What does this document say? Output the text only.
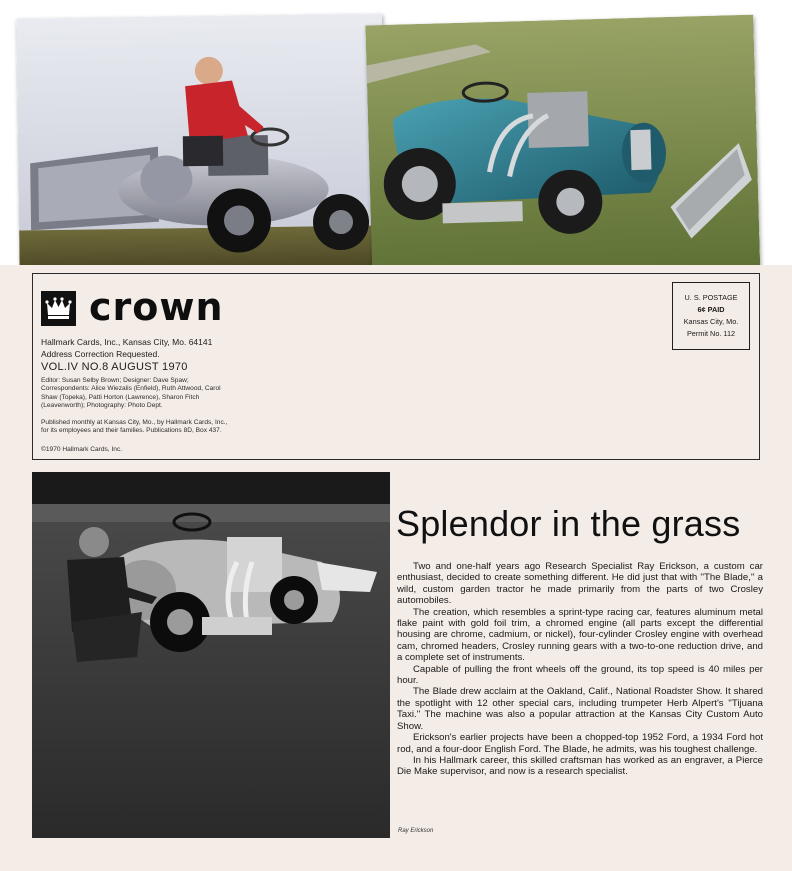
crown
Hallmark Cards, Inc., Kansas City, Mo. 64141
Address Correction Requested.
VOL.IV NO.8 AUGUST 1970
Editor: Susan Selby Brown; Designer: Dave Spaw; Correspondents: Alice Wiezalis (Enfield), Ruth Attwood, Carol Shaw (Topeka), Patti Horton (Lawrence), Sharon Fitch (Leavenworth); Photography: Photo Dept.
Published monthly at Kansas City, Mo., by Hallmark Cards, Inc., for its employees and their families. Publications 8D, Box 437.
©1970 Hallmark Cards, Inc.
U. S. POSTAGE
6¢ PAID
Kansas City, Mo.
Permit No. 112
Splendor in the grass

Two and one-half years ago Research Specialist Ray Erickson, a custom car enthusiast, decided to create something different. He did just that with ''The Blade,'' a wild, custom garden tractor he made primarily from the parts of two Crosley automobiles.

The creation, which resembles a sprint-type racing car, features aluminum metal flake paint with gold foil trim, a chromed engine (all parts except the differential housing are chrome, cadmium, or nickel), four-cylinder Crosley engine with overhead cam, chromed headers, Crosley running gears with a two-to-one reduction drive, and a complete set of instruments.

Capable of pulling the front wheels off the ground, its top speed is 40 miles per hour.

The Blade drew acclaim at the Oakland, Calif., National Roadster Show. It shared the spotlight with 12 other special cars, including trumpeter Herb Alpert's ''Tijuana Taxi.'' The machine was also a popular attraction at the Kansas City Custom Auto Show.

Erickson's earlier projects have been a chopped-top 1952 Ford, a 1934 Ford hot rod, and a four-door English Ford. The Blade, he admits, was his toughest challenge.

In his Hallmark career, this skilled craftsman has worked as an engraver, a Pierce Die Make supervisor, and now is a research specialist.

Ray Erickson
